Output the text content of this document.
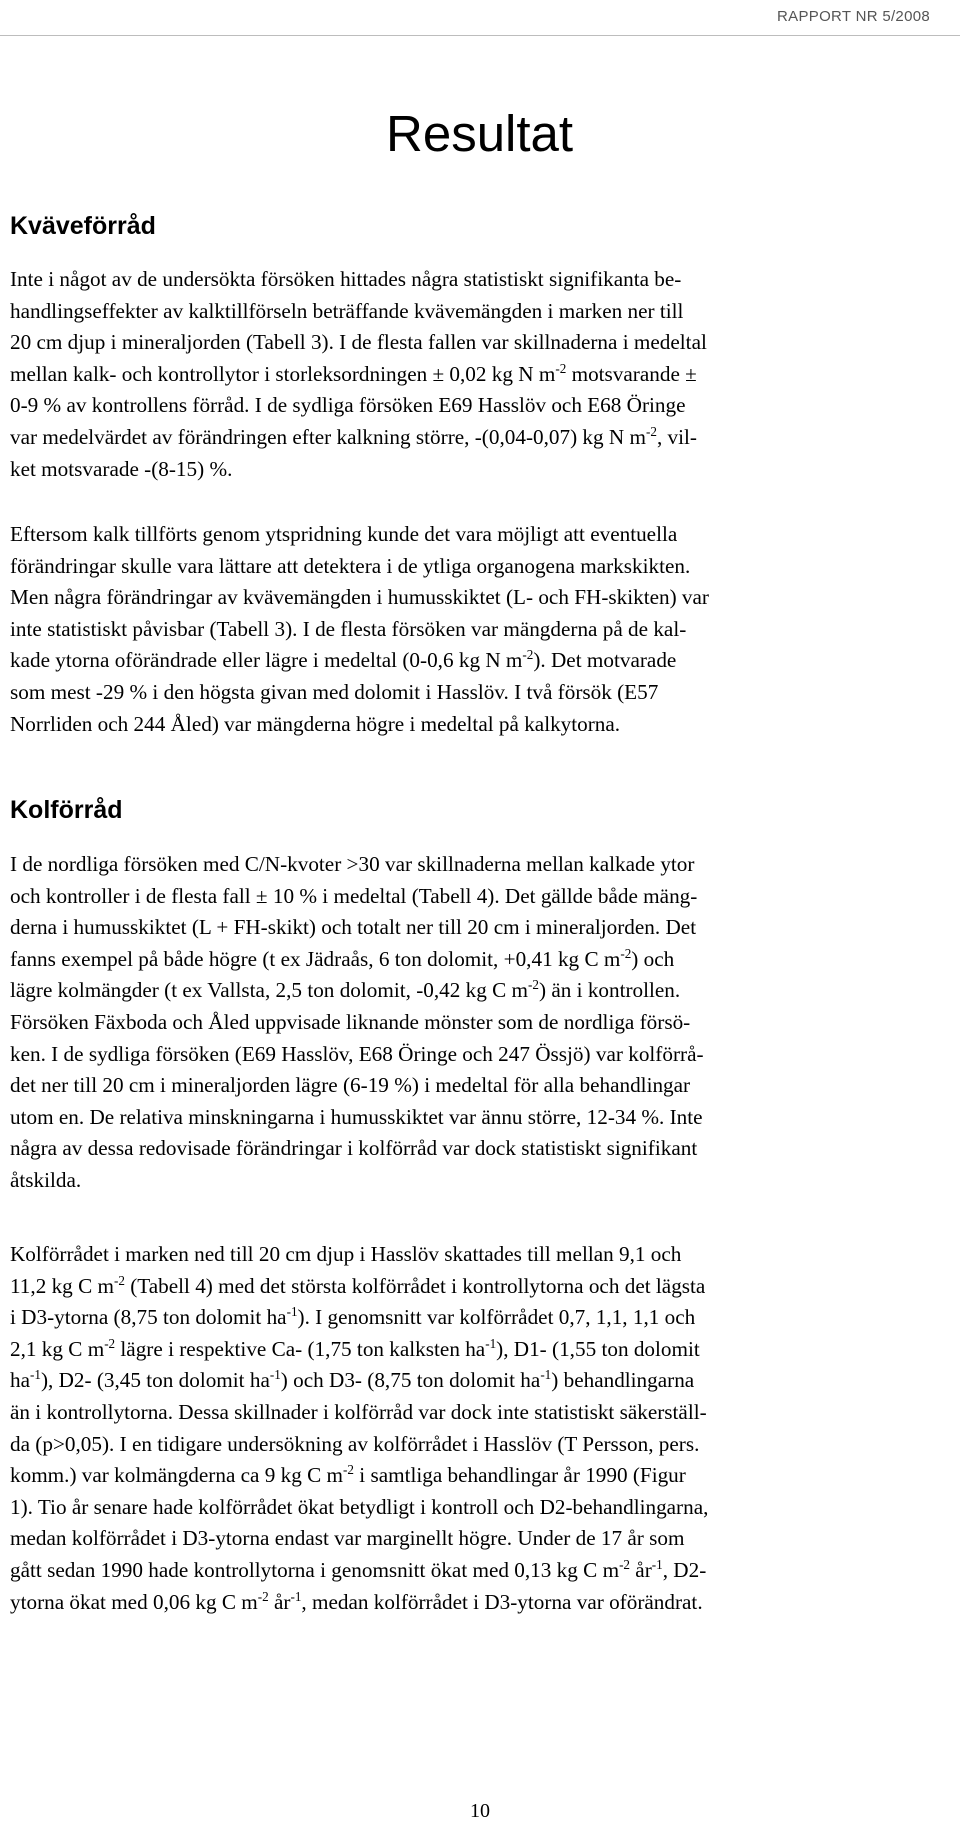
RAPPORT NR 5/2008
Resultat
Kväveförråd
Inte i något av de undersökta försöken hittades några statistiskt signifikanta be-
handlingseffekter av kalktillförseln beträffande kvävemängden i marken ner till
20 cm djup i mineraljorden (Tabell 3). I de flesta fallen var skillnaderna i medeltal
mellan kalk- och kontrollytor i storleksordningen ± 0,02 kg N $m^{-2}$ motsvarande ±
0-9 % av kontrollens förråd. I de sydliga försöken E69 Hasslöv och E68 Öringe
var medelvärdet av förändringen efter kalkning större, -(0,04-0,07) kg N $m^{-2}$, vil-
ket motsvarade -(8-15) %.
Eftersom kalk tillförts genom ytspridning kunde det vara möjligt att eventuella
förändringar skulle vara lättare att detektera i de ytliga organogena markskikten.
Men några förändringar av kvävemängden i humusskiktet (L- och FH-skikten) var
inte statistiskt påvisbar (Tabell 3). I de flesta försöken var mängderna på de kal-
kade ytorna oförändrade eller lägre i medeltal (0-0,6 kg N $m^{-2}$). Det motvarade
som mest -29 % i den högsta givan med dolomit i Hasslöv. I två försök (E57
Norrliden och 244 Åled) var mängderna högre i medeltal på kalkytorna.
Kolförråd
I de nordliga försöken med C/N-kvoter >30 var skillnaderna mellan kalkade ytor
och kontroller i de flesta fall ± 10 % i medeltal (Tabell 4). Det gällde både mäng-
derna i humusskiktet (L + FH-skikt) och totalt ner till 20 cm i mineraljorden. Det
fanns exempel på både högre (t ex Jädraås, 6 ton dolomit, +0,41 kg C $m^{-2}$) och
lägre kolmängder (t ex Vallsta, 2,5 ton dolomit, -0,42 kg C $m^{-2}$) än i kontrollen.
Försöken Fäxboda och Åled uppvisade liknande mönster som de nordliga försö-
ken. I de sydliga försöken (E69 Hasslöv, E68 Öringe och 247 Össjö) var kolförrå-
det ner till 20 cm i mineraljorden lägre (6-19 %) i medeltal för alla behandlingar
utom en. De relativa minskningarna i humusskiktet var ännu större, 12-34 %. Inte
några av dessa redovisade förändringar i kolförråd var dock statistiskt signifikant
åtskilda.
Kolförrådet i marken ned till 20 cm djup i Hasslöv skattades till mellan 9,1 och
11,2 kg C $m^{-2}$ (Tabell 4) med det största kolförrådet i kontrollytorna och det lägsta
i D3-ytorna (8,75 ton dolomit $ha^{-1}$). I genomsnitt var kolförrådet 0,7, 1,1, 1,1 och
2,1 kg C $m^{-2}$ lägre i respektive Ca- (1,75 ton kalksten $ha^{-1}$), D1- (1,55 ton dolomit
$ha^{-1}$), D2- (3,45 ton dolomit $ha^{-1}$) och D3- (8,75 ton dolomit $ha^{-1}$) behandlingarna
än i kontrollytorna. Dessa skillnader i kolförråd var dock inte statistiskt säkerställ-
da (p>0,05). I en tidigare undersökning av kolförrådet i Hasslöv (T Persson, pers.
komm.) var kolmängderna ca 9 kg C $m^{-2}$ i samtliga behandlingar år 1990 (Figur
1). Tio år senare hade kolförrådet ökat betydligt i kontroll och D2-behandlingarna,
medan kolförrådet i D3-ytorna endast var marginellt högre. Under de 17 år som
gått sedan 1990 hade kontrollytorna i genomsnitt ökat med 0,13 kg C $m^{-2}$ $år^{-1}$, D2-
ytorna ökat med 0,06 kg C $m^{-2}$ $år^{-1}$, medan kolförrådet i D3-ytorna var oförändrat.
10
